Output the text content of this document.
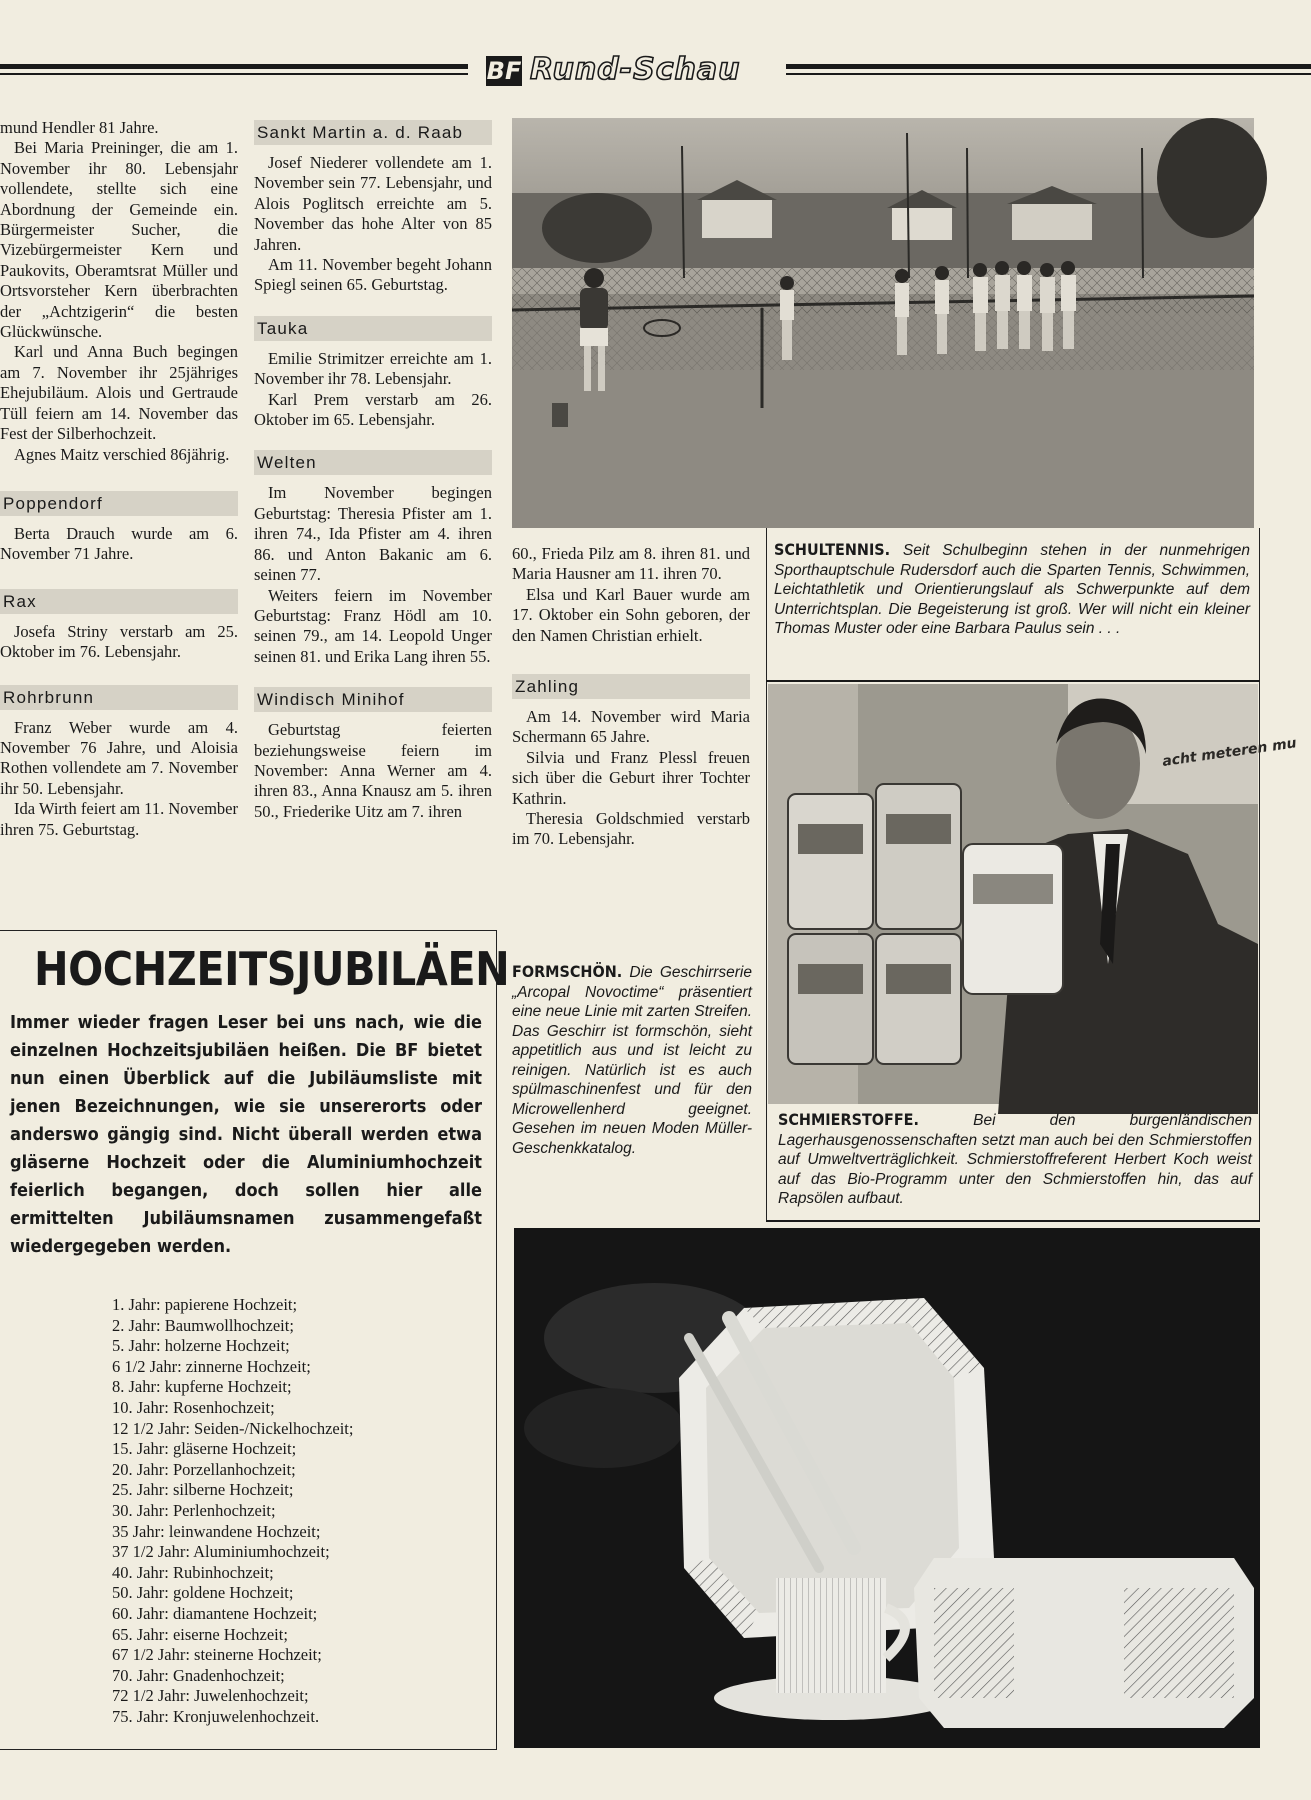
BF Rund-Schau

mund Hendler 81 Jahre.

Bei Maria Preininger, die am 1. November ihr 80. Lebensjahr vollendete, stellte sich eine Abordnung der Gemeinde ein. Bürgermeister Sucher, die Vizebürgermeister Kern und Paukovits, Oberamtsrat Müller und Ortsvorsteher Kern überbrachten der „Achtzigerin“ die besten Glückwünsche.

Karl und Anna Buch begingen am 7. November ihr 25jähriges Ehejubiläum. Alois und Gertraude Tüll feiern am 14. November das Fest der Silberhochzeit.

Agnes Maitz verschied 86jährig.

Poppendorf

Berta Drauch wurde am 6. November 71 Jahre.

Rax

Josefa Striny verstarb am 25. Oktober im 76. Lebensjahr.

Rohrbrunn

Franz Weber wurde am 4. November 76 Jahre, und Aloisia Rothen vollendete am 7. November ihr 50. Lebensjahr.

Ida Wirth feiert am 11. November ihren 75. Geburtstag.

Sankt Martin a. d. Raab

Josef Niederer vollendete am 1. November sein 77. Lebensjahr, und Alois Poglitsch erreichte am 5. November das hohe Alter von 85 Jahren.

Am 11. November begeht Johann Spiegl seinen 65. Geburtstag.

Tauka

Emilie Strimitzer erreichte am 1. November ihr 78. Lebensjahr.

Karl Prem verstarb am 26. Oktober im 65. Lebensjahr.

Welten

Im November begingen Geburtstag: Theresia Pfister am 1. ihren 74., Ida Pfister am 4. ihren 86. und Anton Bakanic am 6. seinen 77.

Weiters feiern im November Geburtstag: Franz Hödl am 10. seinen 79., am 14. Leopold Unger seinen 81. und Erika Lang ihren 55.

Windisch Minihof

Geburtstag feierten beziehungsweise feiern im November: Anna Werner am 4. ihren 83., Anna Knausz am 5. ihren 50., Friederike Uitz am 7. ihren

60., Frieda Pilz am 8. ihren 81. und Maria Hausner am 11. ihren 70.

Elsa und Karl Bauer wurde am 17. Oktober ein Sohn geboren, der den Namen Christian erhielt.

Zahling

Am 14. November wird Maria Schermann 65 Jahre.

Silvia und Franz Plessl freuen sich über die Geburt ihrer Tochter Kathrin.

Theresia Goldschmied verstarb im 70. Lebensjahr.

SCHULTENNIS. Seit Schulbeginn stehen in der nunmehrigen Sporthauptschule Rudersdorf auch die Sparten Tennis, Schwimmen, Leichtathletik und Orientierungslauf als Schwerpunkte auf dem Unterrichtsplan. Die Begeisterung ist groß. Wer will nicht ein kleiner Thomas Muster oder eine Barbara Paulus sein . . .
acht meteren mu
FORMSCHÖN. Die Geschirrserie „Arcopal Novoctime“ präsentiert eine neue Linie mit zarten Streifen. Das Geschirr ist formschön, sieht appetitlich aus und ist leicht zu reinigen. Natürlich ist es auch spülmaschinenfest und für den Microwellenherd geeignet. Gesehen im neuen Moden Müller-Geschenkkatalog.
SCHMIERSTOFFE.	Bei den burgenländischen Lagerhausgenossenschaften setzt man auch bei den Schmierstoffen auf Umweltverträglichkeit. Schmierstoffreferent Herbert Koch weist auf das Bio-Programm unter den Schmierstoffen hin, das auf Rapsölen aufbaut.
HOCHZEITSJUBILÄEN
Immer wieder fragen Leser bei uns nach, wie die einzelnen Hochzeitsjubiläen heißen. Die BF bietet nun einen Überblick auf die Jubiläumsliste mit jenen Bezeichnungen, wie sie unsererorts oder anderswo gängig sind. Nicht überall werden etwa gläserne Hochzeit oder die Aluminiumhochzeit feierlich begangen, doch sollen hier alle ermittelten Jubiläumsnamen zusammengefaßt wiedergegeben werden.
1. Jahr: papierene Hochzeit;
2. Jahr: Baumwollhochzeit;
5. Jahr: holzerne Hochzeit;
6 1/2 Jahr: zinnerne Hochzeit;
8. Jahr: kupferne Hochzeit;
10. Jahr: Rosenhochzeit;
12 1/2 Jahr: Seiden-/Nickelhochzeit;
15. Jahr: gläserne Hochzeit;
20. Jahr: Porzellanhochzeit;
25. Jahr: silberne Hochzeit;
30. Jahr: Perlenhochzeit;
35 Jahr: leinwandene Hochzeit;
37 1/2 Jahr: Aluminiumhochzeit;
40. Jahr: Rubinhochzeit;
50. Jahr: goldene Hochzeit;
60. Jahr: diamantene Hochzeit;
65. Jahr: eiserne Hochzeit;
67 1/2 Jahr: steinerne Hochzeit;
70. Jahr: Gnadenhochzeit;
72 1/2 Jahr: Juwelenhochzeit;
75. Jahr: Kronjuwelenhochzeit.
